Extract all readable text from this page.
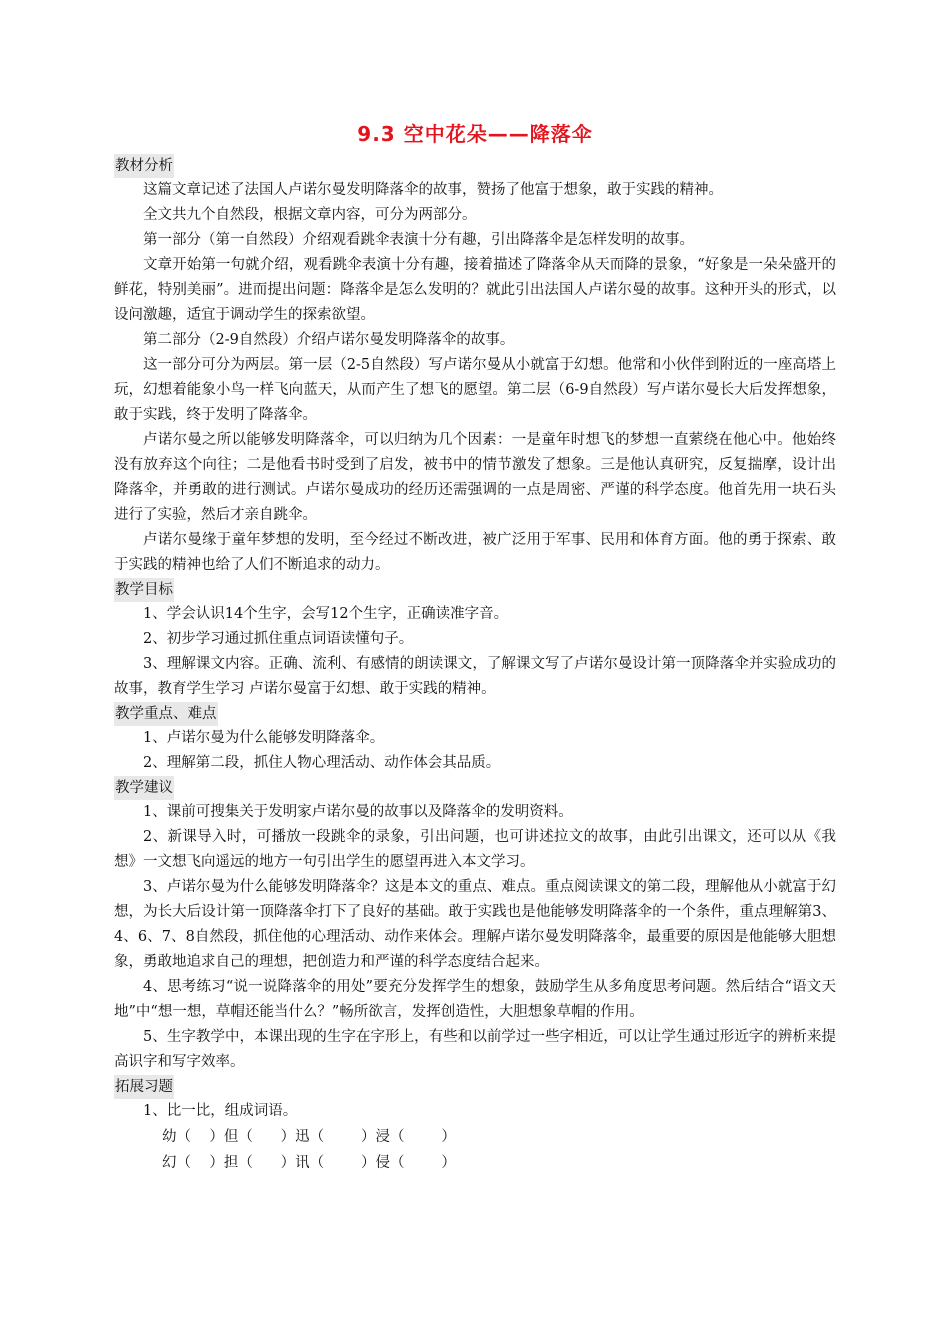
9.3 空中花朵——降落伞
教材分析

这篇文章记述了法国人卢诺尔曼发明降落伞的故事，赞扬了他富于想象，敢于实践的精神。

全文共九个自然段，根据文章内容，可分为两部分。

第一部分（第一自然段）介绍观看跳伞表演十分有趣，引出降落伞是怎样发明的故事。

文章开始第一句就介绍，观看跳伞表演十分有趣，接着描述了降落伞从天而降的景象，“好象是一朵朵盛开的鲜花，特别美丽”。进而提出问题：降落伞是怎么发明的？就此引出法国人卢诺尔曼的故事。这种开头的形式，以设问激趣，适宜于调动学生的探索欲望。

第二部分（2-9自然段）介绍卢诺尔曼发明降落伞的故事。

这一部分可分为两层。第一层（2-5自然段）写卢诺尔曼从小就富于幻想。他常和小伙伴到附近的一座高塔上玩，幻想着能象小鸟一样飞向蓝天，从而产生了想飞的愿望。第二层（6-9自然段）写卢诺尔曼长大后发挥想象，敢于实践，终于发明了降落伞。

卢诺尔曼之所以能够发明降落伞，可以归纳为几个因素：一是童年时想飞的梦想一直萦绕在他心中。他始终没有放弃这个向往；二是他看书时受到了启发，被书中的情节激发了想象。三是他认真研究，反复揣摩，设计出降落伞，并勇敢的进行测试。卢诺尔曼成功的经历还需强调的一点是周密、严谨的科学态度。他首先用一块石头进行了实验，然后才亲自跳伞。

卢诺尔曼缘于童年梦想的发明，至今经过不断改进，被广泛用于军事、民用和体育方面。他的勇于探索、敢于实践的精神也给了人们不断追求的动力。

教学目标

1、学会认识14个生字，会写12个生字，正确读准字音。

2、初步学习通过抓住重点词语读懂句子。

3、理解课文内容。正确、流利、有感情的朗读课文，了解课文写了卢诺尔曼设计第一顶降落伞并实验成功的故事，教育学生学习 卢诺尔曼富于幻想、敢于实践的精神。

教学重点、难点

1、卢诺尔曼为什么能够发明降落伞。

2、理解第二段，抓住人物心理活动、动作体会其品质。

教学建议

1、课前可搜集关于发明家卢诺尔曼的故事以及降落伞的发明资料。

2、新课导入时，可播放一段跳伞的录象，引出问题，也可讲述拉文的故事，由此引出课文，还可以从《我想》一文想飞向遥远的地方一句引出学生的愿望再进入本文学习。

3、卢诺尔曼为什么能够发明降落伞？这是本文的重点、难点。重点阅读课文的第二段，理解他从小就富于幻想，为长大后设计第一顶降落伞打下了良好的基础。敢于实践也是他能够发明降落伞的一个条件，重点理解第3、4、6、7、8自然段，抓住他的心理活动、动作来体会。理解卢诺尔曼发明降落伞，最重要的原因是他能够大胆想象，勇敢地追求自己的理想，把创造力和严谨的科学态度结合起来。

4、思考练习“说一说降落伞的用处”要充分发挥学生的想象，鼓励学生从多角度思考问题。然后结合“语文天地”中“想一想，草帽还能当什么？”畅所欲言，发挥创造性，大胆想象草帽的作用。

5、生字教学中，本课出现的生字在字形上，有些和以前学过一些字相近，可以让学生通过形近字的辨析来提高识字和写字效率。

拓展习题

1、比一比，组成词语。

幼（    ）但（      ）迅（        ）浸（        ）

幻（    ）担（      ）讯（        ）侵（        ）
